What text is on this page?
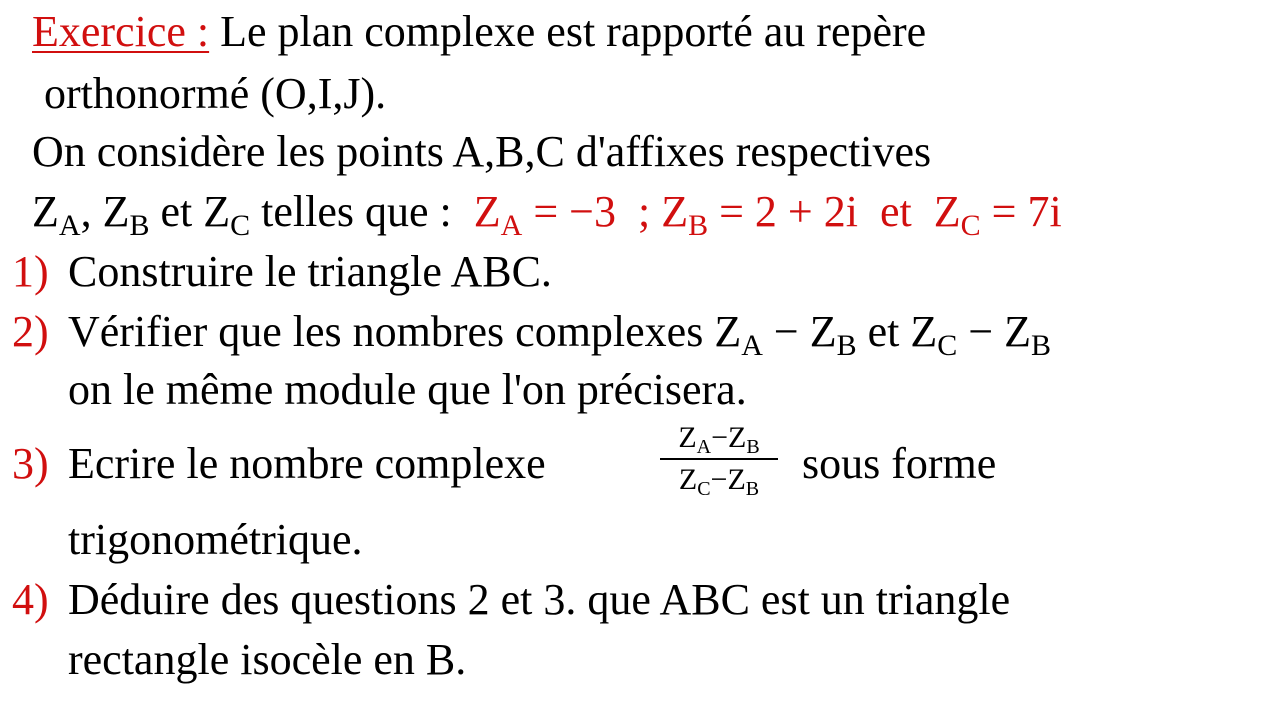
Exercice : Le plan complexe est rapporté au repère
orthonormé (O,I,J).
On considère les points A,B,C d'affixes respectives
$Z_A$, $Z_B$ et $Z_C$ telles que : $Z_A = -3$ ; $Z_B = 2 + 2i$ et $Z_C = 7i$
1) Construire le triangle ABC.
2) Vérifier que les nombres complexes $Z_A - Z_B$ et $Z_C - Z_B$
on le même module que l'on précisera.
3) Ecrire le nombre complexe	$\frac{Z_A-Z_B}{Z_C-Z_B}$ sous forme
trigonométrique.
4) Déduire des questions 2 et 3. que ABC est un triangle
rectangle isocèle en B.
